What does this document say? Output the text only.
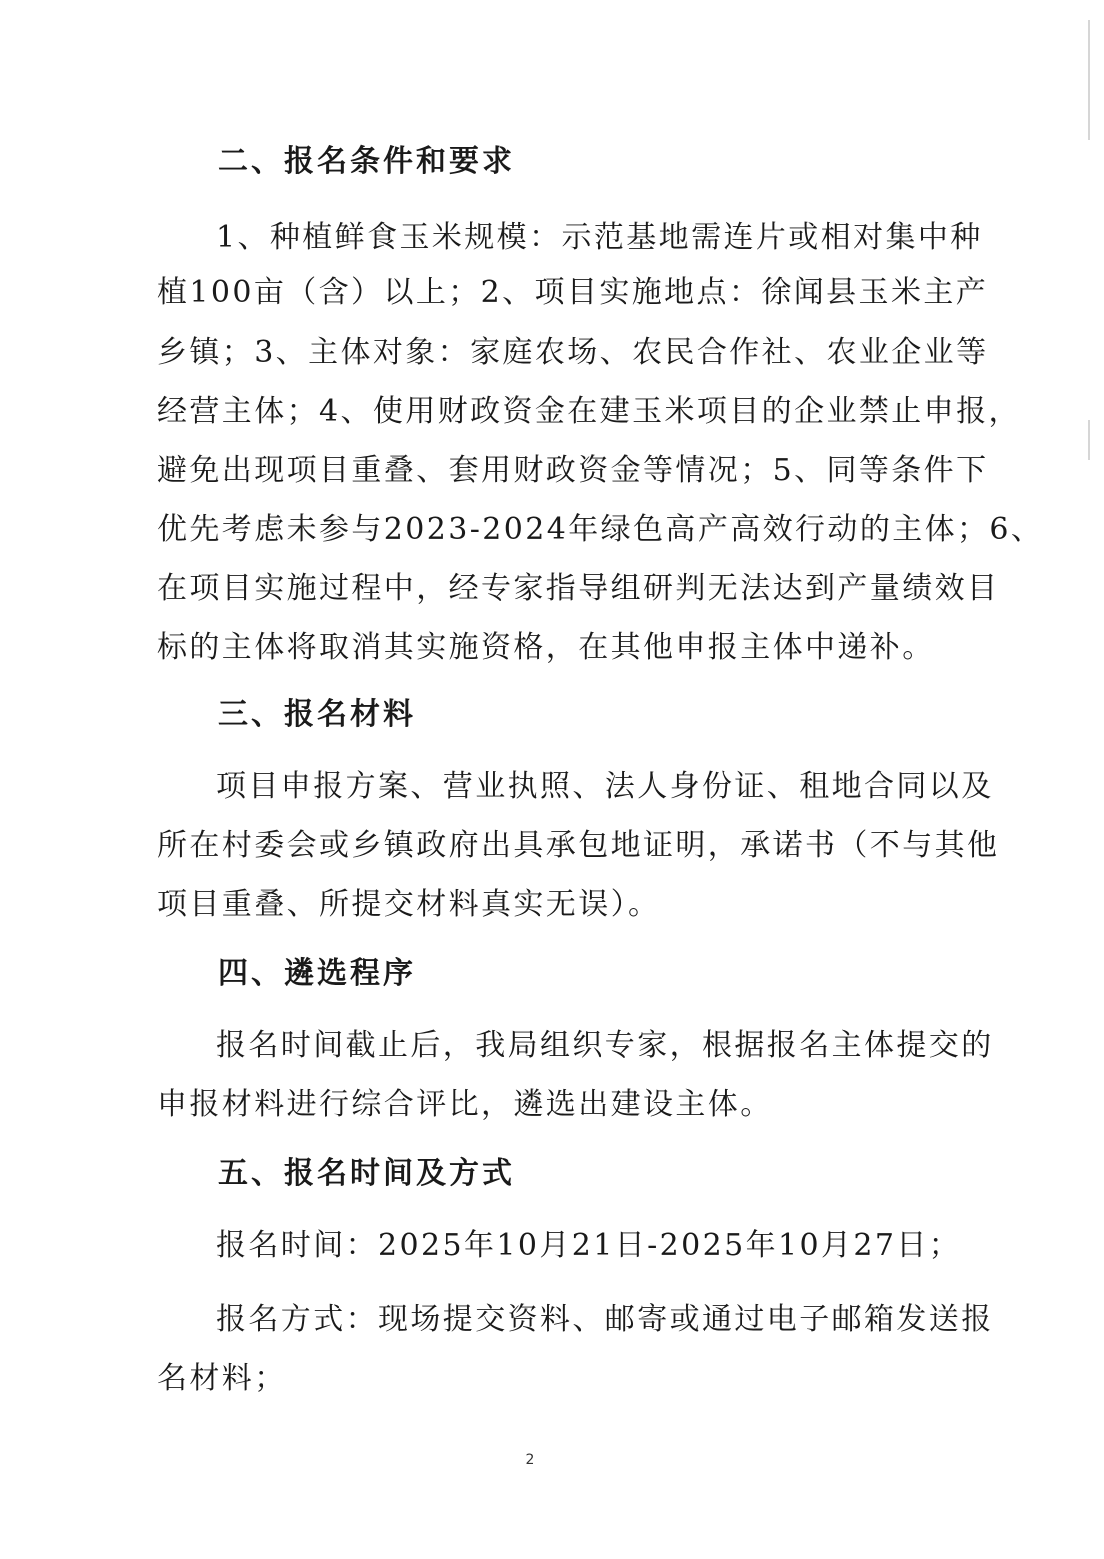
二、报名条件和要求
1、种植鲜食玉米规模：示范基地需连片或相对集中种
植100亩（含）以上；2、项目实施地点：徐闻县玉米主产
乡镇；3、主体对象：家庭农场、农民合作社、农业企业等
经营主体；4、使用财政资金在建玉米项目的企业禁止申报，
避免出现项目重叠、套用财政资金等情况；5、同等条件下
优先考虑未参与2023-2024年绿色高产高效行动的主体；6、
在项目实施过程中，经专家指导组研判无法达到产量绩效目
标的主体将取消其实施资格，在其他申报主体中递补。
三、报名材料
项目申报方案、营业执照、法人身份证、租地合同以及
所在村委会或乡镇政府出具承包地证明，承诺书（不与其他
项目重叠、所提交材料真实无误）。
四、遴选程序
报名时间截止后，我局组织专家，根据报名主体提交的
申报材料进行综合评比，遴选出建设主体。
五、报名时间及方式
报名时间：2025年10月21日-2025年10月27日；
报名方式：现场提交资料、邮寄或通过电子邮箱发送报
名材料；
2
